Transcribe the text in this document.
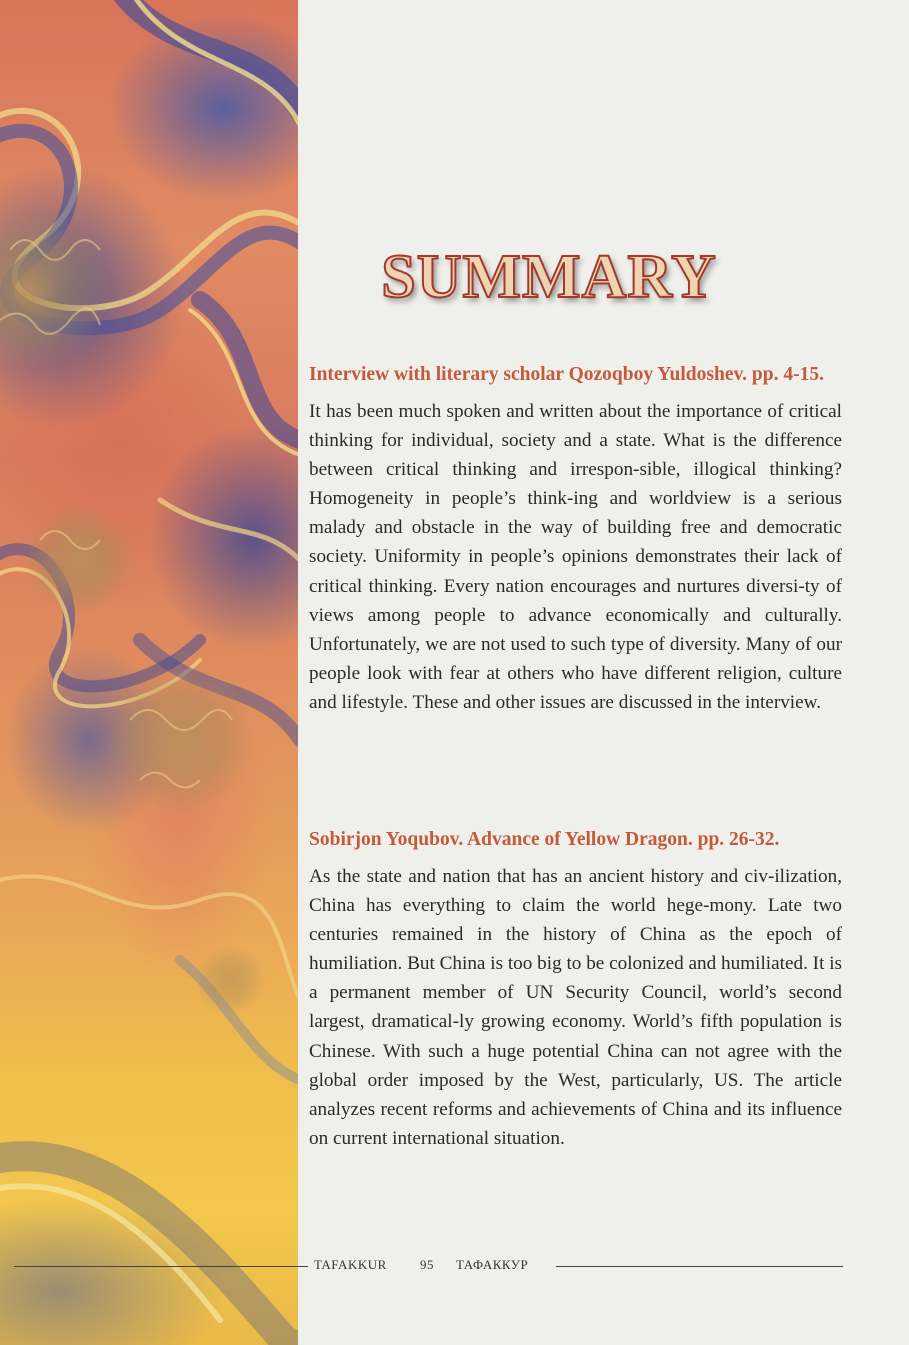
SUMMARY

Interview with literary scholar Qozoqboy Yuldoshev. pp. 4-15.

It has been much spoken and written about the importance of critical thinking for individual, society and a state. What is the difference between critical thinking and irrespon-sible, illogical thinking? Homogeneity in people’s think-ing and worldview is a serious malady and obstacle in the way of building free and democratic society. Uniformity in people’s opinions demonstrates their lack of critical thinking. Every nation encourages and nurtures diversi-ty of views among people to advance economically and culturally. Unfortunately, we are not used to such type of diversity. Many of our people look with fear at others who have different religion, culture and lifestyle. These and other issues are discussed in the interview.

Sobirjon Yoqubov. Advance of Yellow Dragon. pp. 26-32.

As the state and nation that has an ancient history and civ-ilization, China has everything to claim the world hege-mony. Late two centuries remained in the history of China as the epoch of humiliation. But China is too big to be colonized and humiliated. It is a permanent member of UN Security Council, world’s second largest, dramatical-ly growing economy. World’s fifth population is Chinese. With such a huge potential China can not agree with the global order imposed by the West, particularly, US. The article analyzes recent reforms and achievements of China and its influence on current international situation.

TAFAKKUR	95 ТАФАККУР
